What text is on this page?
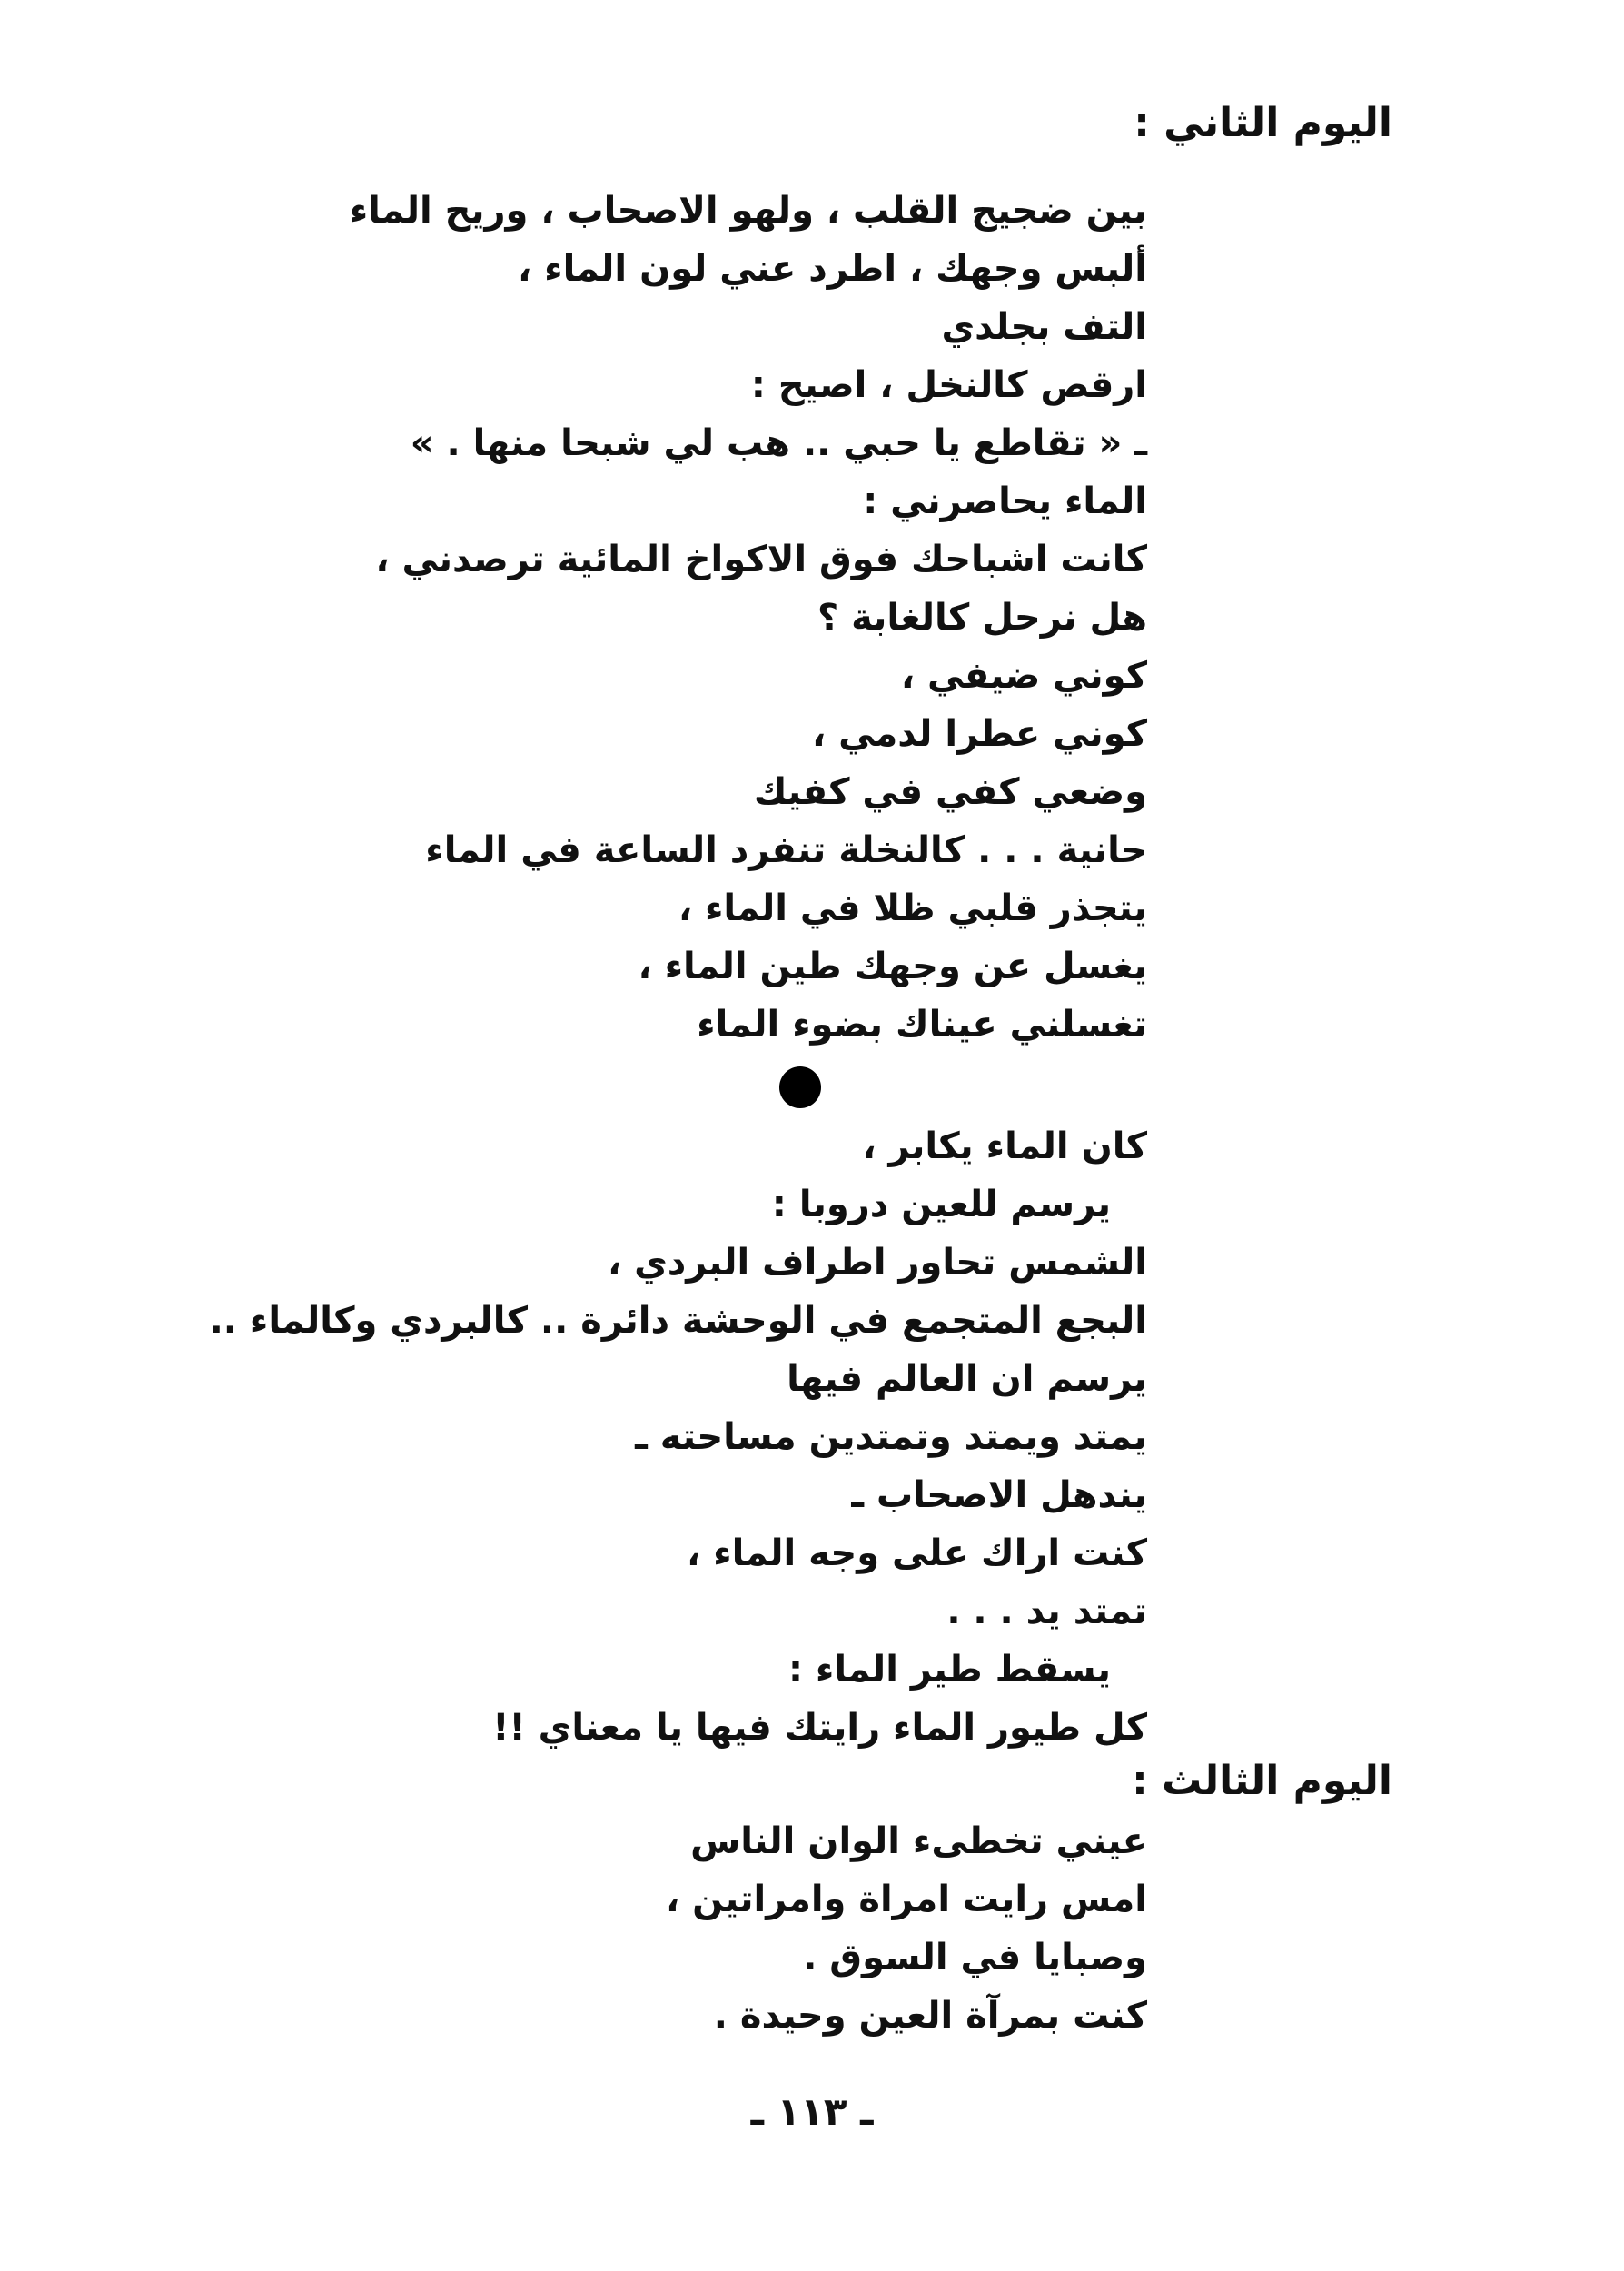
اليوم الثاني :
بين ضجيج القلب ، ولهو الاصحاب ، وريح الماء
ألبس وجهك ، اطرد عني لون الماء ،
التف بجلدي
ارقص كالنخل ، اصيح :
ـ « تقاطع يا حبي .. هب لي شبحا منها . »
الماء يحاصرني :
كانت اشباحك فوق الاكواخ المائية ترصدني ،
هل نرحل كالغابة ؟
كوني ضيفي ،
كوني عطرا لدمي ،
وضعي كفي في كفيك
حانية . . . كالنخلة تنفرد الساعة في الماء
يتجذر قلبي ظلا في الماء ،
يغسل عن وجهك طين الماء ،
تغسلني عيناك بضوء الماء
كان الماء يكابر ،
يرسم للعين دروبا :
الشمس تحاور اطراف البردي ،
البجع المتجمع في الوحشة دائرة .. كالبردي وكالماء ..
يرسم ان العالم فيها
يمتد ويمتد وتمتدين مساحته ـ
يندهل الاصحاب ـ
كنت اراك على وجه الماء ،
تمتد يد . . .
يسقط طير الماء :
كل طيور الماء رايتك فيها يا معناي !!
اليوم الثالث :
عيني تخطىء الوان الناس
امس رايت امراة وامراتين ،
وصبايا في السوق .
كنت بمرآة العين وحيدة .
ـ ١١٣ ـ
